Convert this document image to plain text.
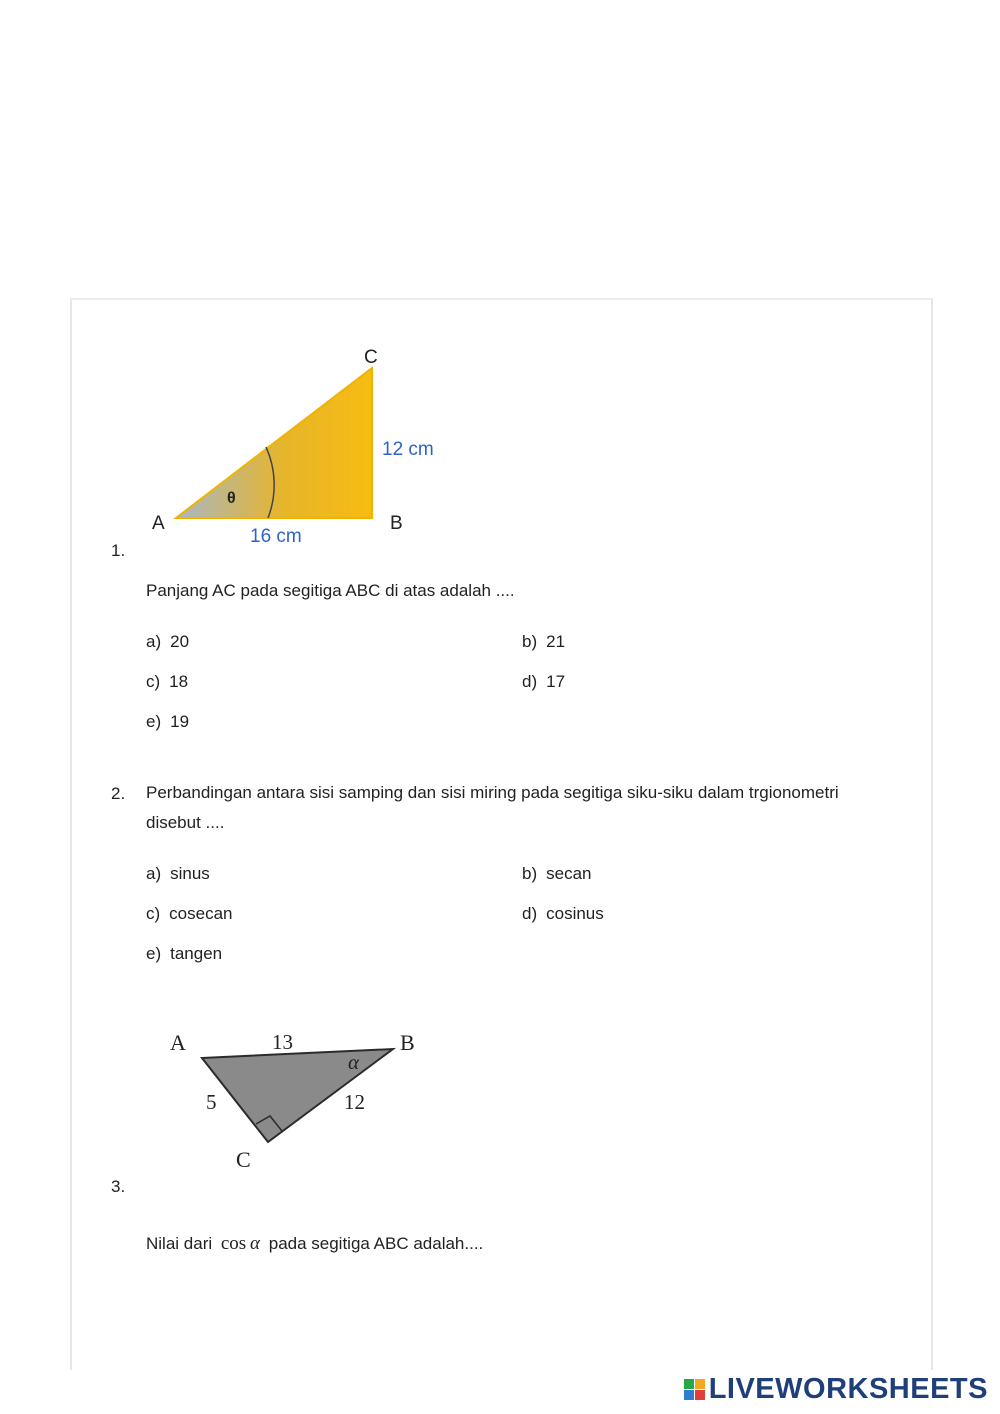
A	B
C
θ
16 cm
12 cm
1.
Panjang AC pada segitiga ABC di atas adalah ....
a) 20	b) 21
c) 18	d) 17
e) 19
2. Perbandingan antara sisi samping dan sisi miring pada segitiga siku-siku dalam trgionometri
disebut ....
a) sinus	b) secan
c) cosecan	d) cosinus
e) tangen
A	B
C
13
5	12
α
3.
Nilai dari cos  α pada segitiga ABC adalah....
LIVEWORKSHEETS
